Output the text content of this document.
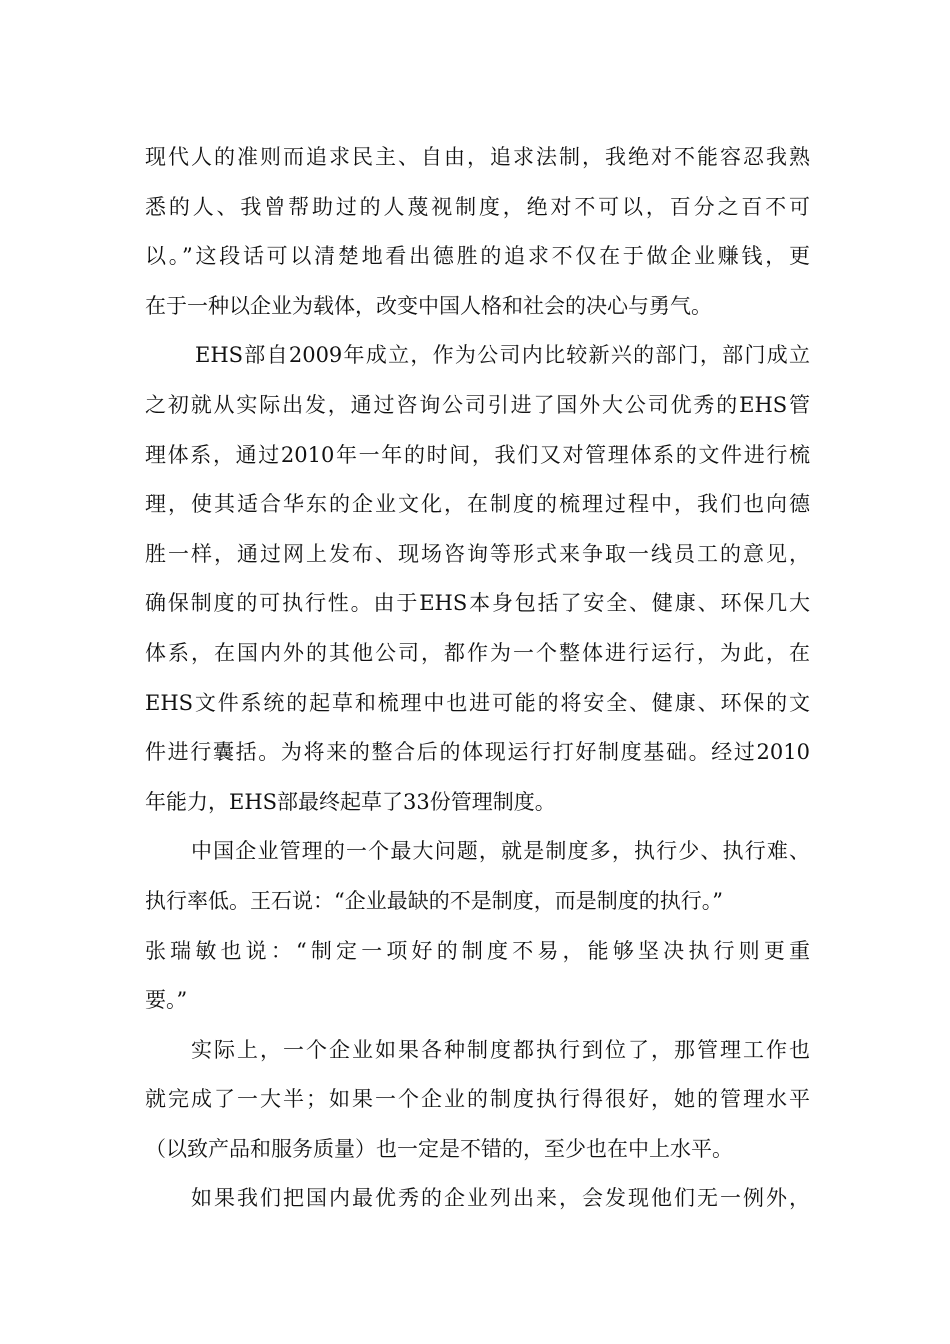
现代人的准则而追求民主、自由，追求法制，我绝对不能容忍我熟
悉的人、我曾帮助过的人蔑视制度，绝对不可以，百分之百不可
以。”这段话可以清楚地看出德胜的追求不仅在于做企业赚钱，更
在于一种以企业为载体，改变中国人格和社会的决心与勇气。
EHS部自2009年成立，作为公司内比较新兴的部门，部门成立
之初就从实际出发，通过咨询公司引进了国外大公司优秀的EHS管
理体系，通过2010年一年的时间，我们又对管理体系的文件进行梳
理，使其适合华东的企业文化，在制度的梳理过程中，我们也向德
胜一样，通过网上发布、现场咨询等形式来争取一线员工的意见，
确保制度的可执行性。由于EHS本身包括了安全、健康、环保几大
体系，在国内外的其他公司，都作为一个整体进行运行，为此，在
EHS文件系统的起草和梳理中也进可能的将安全、健康、环保的文
件进行囊括。为将来的整合后的体现运行打好制度基础。经过2010
年能力，EHS部最终起草了33份管理制度。
中国企业管理的一个最大问题，就是制度多，执行少、执行难、
执行率低。王石说：“企业最缺的不是制度，而是制度的执行。”
张瑞敏也说：“制定一项好的制度不易，能够坚决执行则更重
要。”
实际上，一个企业如果各种制度都执行到位了，那管理工作也
就完成了一大半；如果一个企业的制度执行得很好，她的管理水平
（以致产品和服务质量）也一定是不错的，至少也在中上水平。
如果我们把国内最优秀的企业列出来，会发现他们无一例外，
